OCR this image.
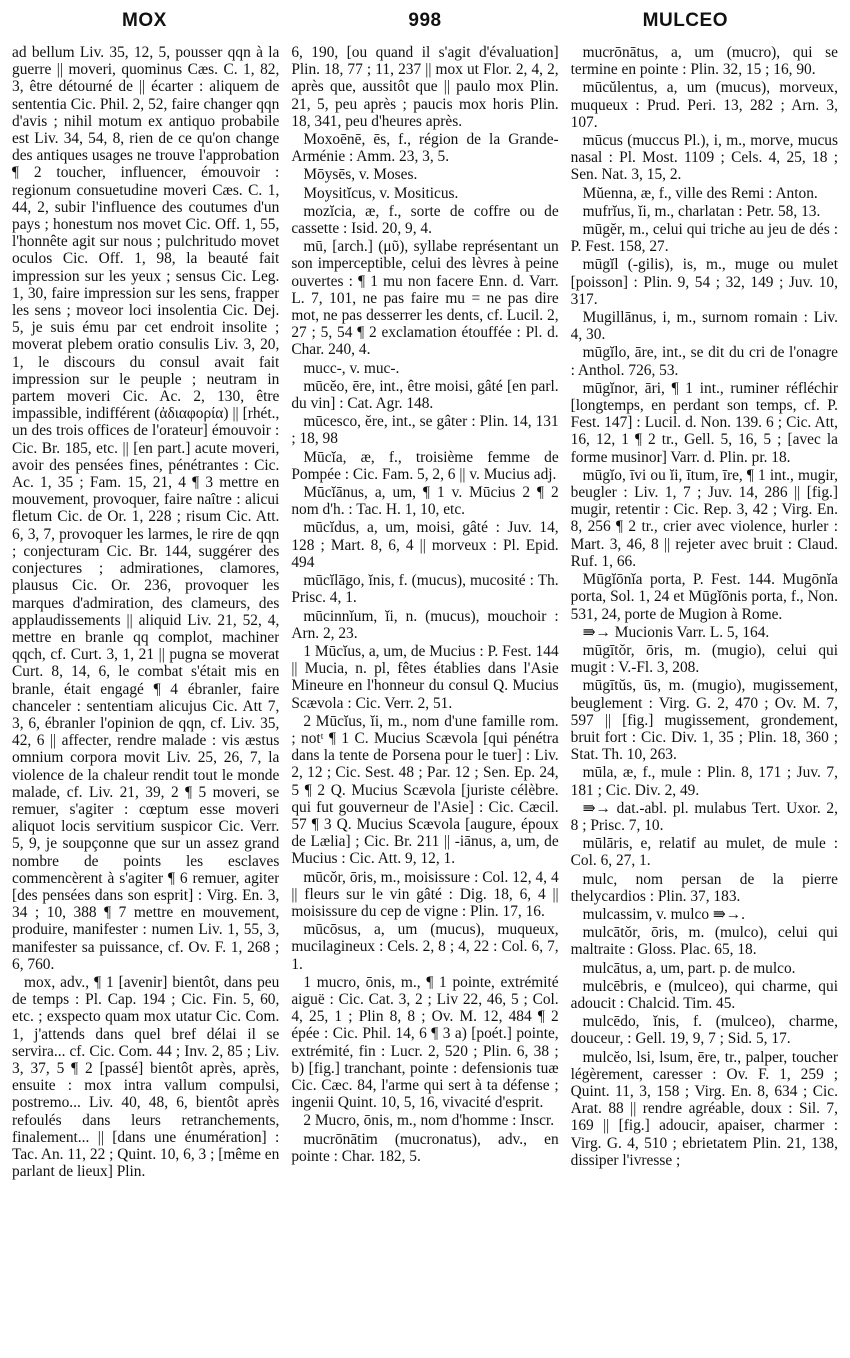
MOX	998	MULCEO

ad bellum Liv. 35, 12, 5, pousser qqn à la guerre || moveri, quominus Cæs. C. 1, 82, 3, être détourné de || écarter : aliquem de sententia Cic. Phil. 2, 52, faire changer qqn d'avis ; nihil motum ex antiquo probabile est Liv. 34, 54, 8, rien de ce qu'on change des antiques usages ne trouve l'approbation ¶ 2 toucher, influencer, émouvoir : regionum consuetudine moveri Cæs. C. 1, 44, 2, subir l'influence des coutumes d'un pays ; honestum nos movet Cic. Off. 1, 55, l'honnête agit sur nous ; pulchritudo movet oculos Cic. Off. 1, 98, la beauté fait impression sur les yeux ; sensus Cic. Leg. 1, 30, faire impression sur les sens, frapper les sens ; moveor loci insolentia Cic. Dej. 5, je suis ému par cet endroit insolite ; moverat plebem oratio consulis Liv. 3, 20, 1, le discours du consul avait fait impression sur le peuple ; neutram in partem moveri Cic. Ac. 2, 130, être impassible, indifférent (ἀδιαφορία) || [rhét., un des trois offices de l'orateur] émouvoir : Cic. Br. 185, etc. || [en part.] acute moveri, avoir des pensées fines, pénétrantes : Cic. Ac. 1, 35 ; Fam. 15, 21, 4 ¶ 3 mettre en mouvement, provoquer, faire naître : alicui fletum Cic. de Or. 1, 228 ; risum Cic. Att. 6, 3, 7, provoquer les larmes, le rire de qqn ; conjecturam Cic. Br. 144, suggérer des conjectures ; admirationes, clamores, plausus Cic. Or. 236, provoquer les marques d'admiration, des clameurs, des applaudissements || aliquid Liv. 21, 52, 4, mettre en branle qq complot, machiner qqch, cf. Curt. 3, 1, 21 || pugna se moverat Curt. 8, 14, 6, le combat s'était mis en branle, était engagé ¶ 4 ébranler, faire chanceler : sententiam alicujus Cic. Att 7, 3, 6, ébranler l'opinion de qqn, cf. Liv. 35, 42, 6 || affecter, rendre malade : vis æstus omnium corpora movit Liv. 25, 26, 7, la violence de la chaleur rendit tout le monde malade, cf. Liv. 21, 39, 2 ¶ 5 moveri, se remuer, s'agiter : cœptum esse moveri aliquot locis servitium suspicor Cic. Verr. 5, 9, je soupçonne que sur un assez grand nombre de points les esclaves commencèrent à s'agiter ¶ 6 remuer, agiter [des pensées dans son esprit] : Virg. En. 3, 34 ; 10, 388 ¶ 7 mettre en mouvement, produire, manifester : numen Liv. 1, 55, 3, manifester sa puissance, cf. Ov. F. 1, 268 ; 6, 760.

mox, adv., ¶ 1 [avenir] bientôt, dans peu de temps : Pl. Cap. 194 ; Cic. Fin. 5, 60, etc. ; exspecto quam mox utatur Cic. Com. 1, j'attends dans quel bref délai il se servira... cf. Cic. Com. 44 ; Inv. 2, 85 ; Liv. 3, 37, 5 ¶ 2 [passé] bientôt après, après, ensuite : mox intra vallum compulsi, postremo... Liv. 40, 48, 6, bientôt après refoulés dans leurs retranchements, finalement... || [dans une énumération] : Tac. An. 11, 22 ; Quint. 10, 6, 3 ; [même en parlant de lieux] Plin.

6, 190, [ou quand il s'agit d'évaluation] Plin. 18, 77 ; 11, 237 || mox ut Flor. 2, 4, 2, après que, aussitôt que || paulo mox Plin. 21, 5, peu après ; paucis mox horis Plin. 18, 341, peu d'heures après.

Moxoēnē, ēs, f., région de la Grande-Arménie : Amm. 23, 3, 5.

Mōysēs, v. Moses.

Moysitĭcus, v. Mositicus.

mozĭcia, æ, f., sorte de coffre ou de cassette : Isid. 20, 9, 4.

mū, [arch.] (μῦ), syllabe représentant un son imperceptible, celui des lèvres à peine ouvertes : ¶ 1 mu non facere Enn. d. Varr. L. 7, 101, ne pas faire mu = ne pas dire mot, ne pas desserrer les dents, cf. Lucil. 2, 27 ; 5, 54 ¶ 2 exclamation étouffée : Pl. d. Char. 240, 4.

mucc-, v. muc-.

mūcĕo, ēre, int., être moisi, gâté [en parl. du vin] : Cat. Agr. 148.

mūcesco, ĕre, int., se gâter : Plin. 14, 131 ; 18, 98

Mūcĭa, æ, f., troisième femme de Pompée : Cic. Fam. 5, 2, 6 || v. Mucius adj.

Mūcĭānus, a, um, ¶ 1 v. Mūcius 2 ¶ 2 nom d'h. : Tac. H. 1, 10, etc.

mūcĭdus, a, um, moisi, gâté : Juv. 14, 128 ; Mart. 8, 6, 4 || morveux : Pl. Epid. 494

mūcĭlāgo, ĭnis, f. (mucus), mucosité : Th. Prisc. 4, 1.

mūcinnĭum, ĭi, n. (mucus), mouchoir : Arn. 2, 23.

1 Mūcĭus, a, um, de Mucius : P. Fest. 144 || Mucia, n. pl, fêtes établies dans l'Asie Mineure en l'honneur du consul Q. Mucius Scævola : Cic. Verr. 2, 51.

2 Mūcĭus, ĭi, m., nom d'une famille rom. ; notᵗ ¶ 1 C. Mucius Scævola [qui pénétra dans la tente de Porsena pour le tuer] : Liv. 2, 12 ; Cic. Sest. 48 ; Par. 12 ; Sen. Ep. 24, 5 ¶ 2 Q. Mucius Scævola [juriste célèbre. qui fut gouverneur de l'Asie] : Cic. Cæcil. 57 ¶ 3 Q. Mucius Scævola [augure, époux de Lælia] ; Cic. Br. 211 || -iānus, a, um, de Mucius : Cic. Att. 9, 12, 1.

mūcŏr, ōris, m., moisissure : Col. 12, 4, 4 || fleurs sur le vin gâté : Dig. 18, 6, 4 || moisissure du cep de vigne : Plin. 17, 16.

mūcōsus, a, um (mucus), muqueux, mucilagineux : Cels. 2, 8 ; 4, 22 : Col. 6, 7, 1.

1 mucro, ōnis, m., ¶ 1 pointe, extrémité aiguë : Cic. Cat. 3, 2 ; Liv 22, 46, 5 ; Col. 4, 25, 1 ; Plin 8, 8 ; Ov. M. 12, 484 ¶ 2 épée : Cic. Phil. 14, 6 ¶ 3 a) [poét.] pointe, extrémité, fin : Lucr. 2, 520 ; Plin. 6, 38 ; b) [fig.] tranchant, pointe : defensionis tuæ Cic. Cæc. 84, l'arme qui sert à ta défense ; ingenii Quint. 10, 5, 16, vivacité d'esprit.

2 Mucro, ōnis, m., nom d'homme : Inscr.

mucrōnātim (mucronatus), adv., en pointe : Char. 182, 5.

mucrōnātus, a, um (mucro), qui se termine en pointe : Plin. 32, 15 ; 16, 90.

mūcŭlentus, a, um (mucus), morveux, muqueux : Prud. Peri. 13, 282 ; Arn. 3, 107.

mūcus (muccus Pl.), i, m., morve, mucus nasal : Pl. Most. 1109 ; Cels. 4, 25, 18 ; Sen. Nat. 3, 15, 2.

Mŭenna, æ, f., ville des Remi : Anton.

mufrĭus, ĭi, m., charlatan : Petr. 58, 13.

mūgĕr, m., celui qui triche au jeu de dés : P. Fest. 158, 27.

mūgĭl (-gilis), is, m., muge ou mulet [poisson] : Plin. 9, 54 ; 32, 149 ; Juv. 10, 317.

Mugillānus, i, m., surnom romain : Liv. 4, 30.

mūgĭlo, āre, int., se dit du cri de l'onagre : Anthol. 726, 53.

mūgĭnor, āri, ¶ 1 int., ruminer réfléchir [longtemps, en perdant son temps, cf. P. Fest. 147] : Lucil. d. Non. 139. 6 ; Cic. Att, 16, 12, 1 ¶ 2 tr., Gell. 5, 16, 5 ; [avec la forme musinor] Varr. d. Plin. pr. 18.

mūgĭo, īvi ou ĭi, ītum, īre, ¶ 1 int., mugir, beugler : Liv. 1, 7 ; Juv. 14, 286 || [fig.] mugir, retentir : Cic. Rep. 3, 42 ; Virg. En. 8, 256 ¶ 2 tr., crier avec violence, hurler : Mart. 3, 46, 8 || rejeter avec bruit : Claud. Ruf. 1, 66.

Mūgĭōnĭa porta, P. Fest. 144. Mugōnĭa porta, Sol. 1, 24 et Mūgĭōnis porta, f., Non. 531, 24, porte de Mugion à Rome.

⇛→ Mucionis Varr. L. 5, 164.

mūgītŏr, ōris, m. (mugio), celui qui mugit : V.-Fl. 3, 208.

mūgītŭs, ūs, m. (mugio), mugissement, beuglement : Virg. G. 2, 470 ; Ov. M. 7, 597 || [fig.] mugissement, grondement, bruit fort : Cic. Div. 1, 35 ; Plin. 18, 360 ; Stat. Th. 10, 263.

mūla, æ, f., mule : Plin. 8, 171 ; Juv. 7, 181 ; Cic. Div. 2, 49.

⇛→ dat.-abl. pl. mulabus Tert. Uxor. 2, 8 ; Prisc. 7, 10.

mūlāris, e, relatif au mulet, de mule : Col. 6, 27, 1.

mulc, nom persan de la pierre thelycardios : Plin. 37, 183.

mulcassim, v. mulco ⇛→.

mulcātŏr, ōris, m. (mulco), celui qui maltraite : Gloss. Plac. 65, 18.

mulcātus, a, um, part. p. de mulco.

mulcēbris, e (mulceo), qui charme, qui adoucit : Chalcid. Tim. 45.

mulcēdo, ĭnis, f. (mulceo), charme, douceur, : Gell. 19, 9, 7 ; Sid. 5, 17.

mulcĕo, lsi, lsum, ēre, tr., palper, toucher légèrement, caresser : Ov. F. 1, 259 ; Quint. 11, 3, 158 ; Virg. En. 8, 634 ; Cic. Arat. 88 || rendre agréable, doux : Sil. 7, 169 || [fig.] adoucir, apaiser, charmer : Virg. G. 4, 510 ; ebrietatem Plin. 21, 138, dissiper l'ivresse ;
